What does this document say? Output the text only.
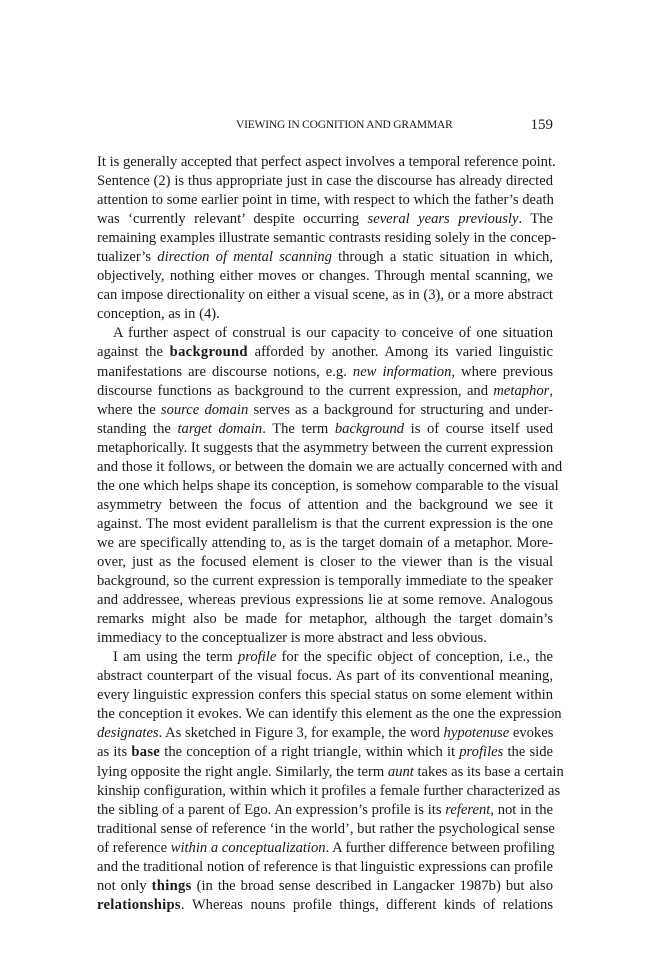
VIEWING IN COGNITION AND GRAMMAR	159
It is generally accepted that perfect aspect involves a temporal reference point.
Sentence (2) is thus appropriate just in case the discourse has already directed
attention to some earlier point in time, with respect to which the father’s death
was ‘currently relevant’ despite occurring several years previously. The
remaining examples illustrate semantic contrasts residing solely in the concep-
tualizer’s direction of mental scanning through a static situation in which,
objectively, nothing either moves or changes. Through mental scanning, we
can impose directionality on either a visual scene, as in (3), or a more abstract
conception, as in (4).
A further aspect of construal is our capacity to conceive of one situation
against the background afforded by another. Among its varied linguistic
manifestations are discourse notions, e.g. new information, where previous
discourse functions as background to the current expression, and metaphor,
where the source domain serves as a background for structuring and under-
standing the target domain. The term background is of course itself used
metaphorically. It suggests that the asymmetry between the current expression
and those it follows, or between the domain we are actually concerned with and
the one which helps shape its conception, is somehow comparable to the visual
asymmetry between the focus of attention and the background we see it
against. The most evident parallelism is that the current expression is the one
we are specifically attending to, as is the target domain of a metaphor. More-
over, just as the focused element is closer to the viewer than is the visual
background, so the current expression is temporally immediate to the speaker
and addressee, whereas previous expressions lie at some remove. Analogous
remarks might also be made for metaphor, although the target domain’s
immediacy to the conceptualizer is more abstract and less obvious.
I am using the term profile for the specific object of conception, i.e., the
abstract counterpart of the visual focus. As part of its conventional meaning,
every linguistic expression confers this special status on some element within
the conception it evokes. We can identify this element as the one the expression
designates. As sketched in Figure 3, for example, the word hypotenuse evokes
as its base the conception of a right triangle, within which it profiles the side
lying opposite the right angle. Similarly, the term aunt takes as its base a certain
kinship configuration, within which it profiles a female further characterized as
the sibling of a parent of Ego. An expression’s profile is its referent, not in the
traditional sense of reference ‘in the world’, but rather the psychological sense
of reference within a conceptualization. A further difference between profiling
and the traditional notion of reference is that linguistic expressions can profile
not only things (in the broad sense described in Langacker 1987b) but also
relationships. Whereas nouns profile things, different kinds of relations
